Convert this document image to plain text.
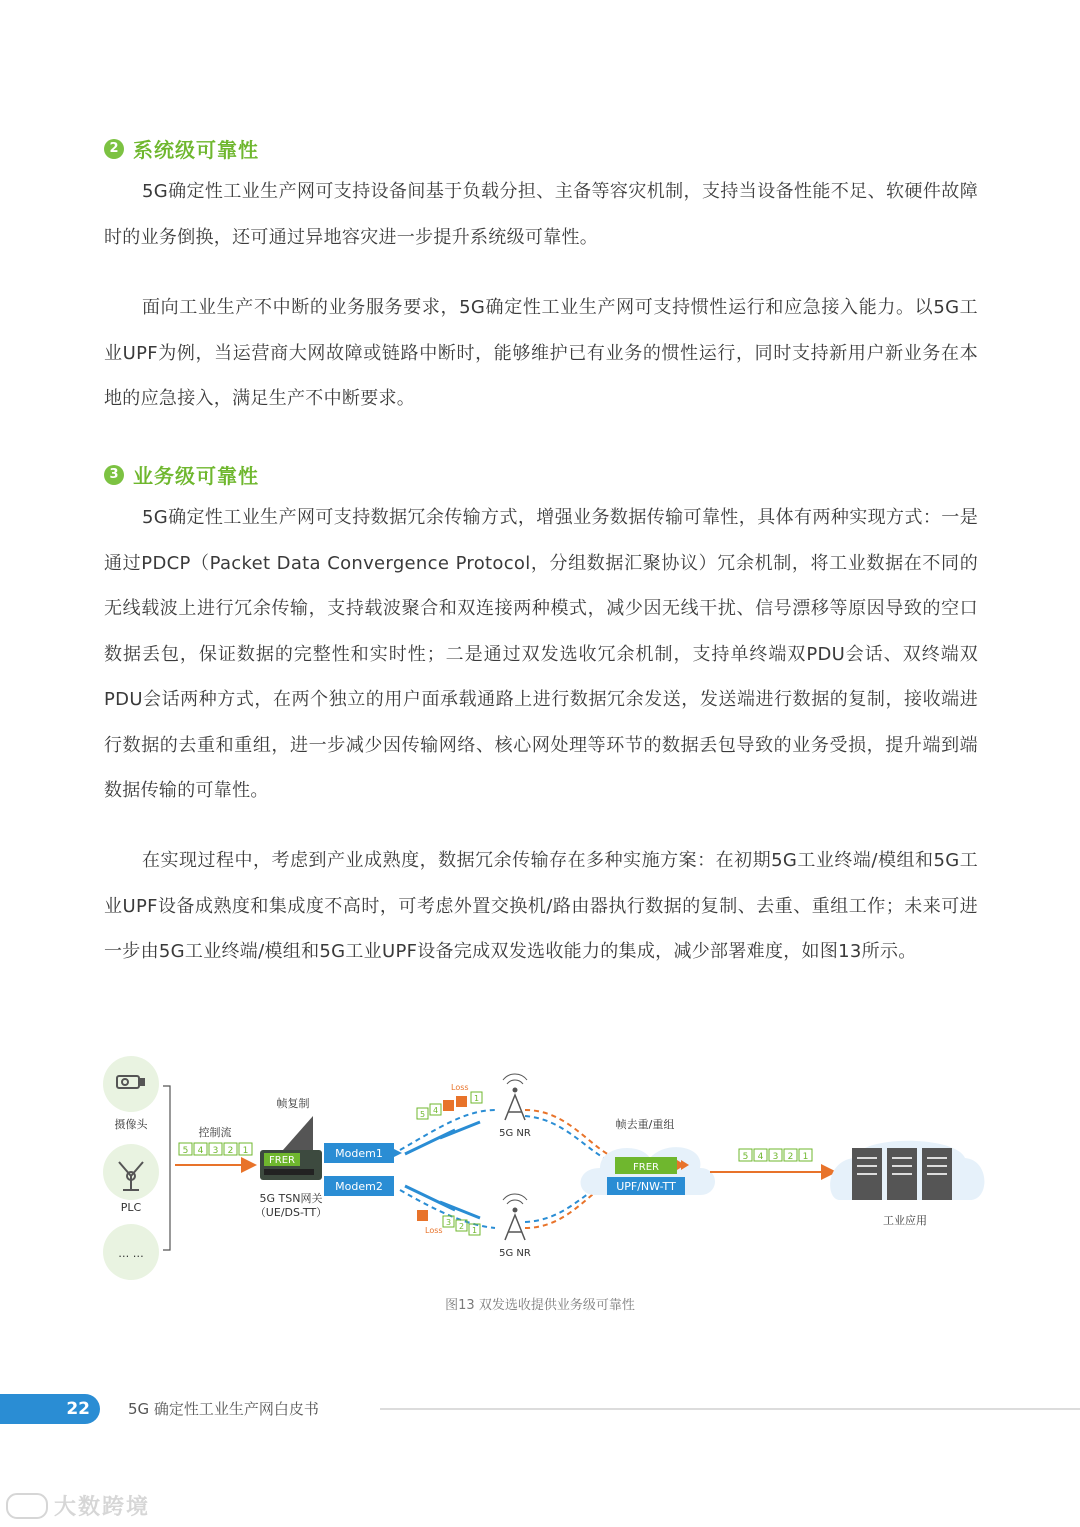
2 系统级可靠性
5G确定性工业生产网可支持设备间基于负载分担、主备等容灾机制，支持当设备性能不足、软硬件故障时的业务倒换，还可通过异地容灾进一步提升系统级可靠性。
面向工业生产不中断的业务服务要求，5G确定性工业生产网可支持惯性运行和应急接入能力。以5G工业UPF为例，当运营商大网故障或链路中断时，能够维护已有业务的惯性运行，同时支持新用户新业务在本地的应急接入，满足生产不中断要求。
3 业务级可靠性
5G确定性工业生产网可支持数据冗余传输方式，增强业务数据传输可靠性，具体有两种实现方式：一是通过PDCP（Packet Data Convergence Protocol，分组数据汇聚协议）冗余机制，将工业数据在不同的无线载波上进行冗余传输，支持载波聚合和双连接两种模式，减少因无线干扰、信号漂移等原因导致的空口数据丢包，保证数据的完整性和实时性；二是通过双发选收冗余机制，支持单终端双PDU会话、双终端双PDU会话两种方式，在两个独立的用户面承载通路上进行数据冗余发送，发送端进行数据的复制，接收端进行数据的去重和重组，进一步减少因传输网络、核心网处理等环节的数据丢包导致的业务受损，提升端到端数据传输的可靠性。
在实现过程中，考虑到产业成熟度，数据冗余传输存在多种实施方案：在初期5G工业终端/模组和5G工业UPF设备成熟度和集成度不高时，可考虑外置交换机/路由器执行数据的复制、去重、重组工作；未来可进一步由5G工业终端/模组和5G工业UPF设备完成双发选收能力的集成，减少部署难度，如图13所示。
摄像头
PLC
… …
控制流
5 4 3 2 1
帧复制
FRER
5G TSN网关
（UE/DS-TT）
Modem1
Modem2
Loss
5 4
1
5G NR
Loss
3 2 1
5G NR
帧去重/重组
FRER
UPF/NW-TT
5 4 3 2 1
工业应用
图13 双发选收提供业务级可靠性
22	5G 确定性工业生产网白皮书
大数跨境
